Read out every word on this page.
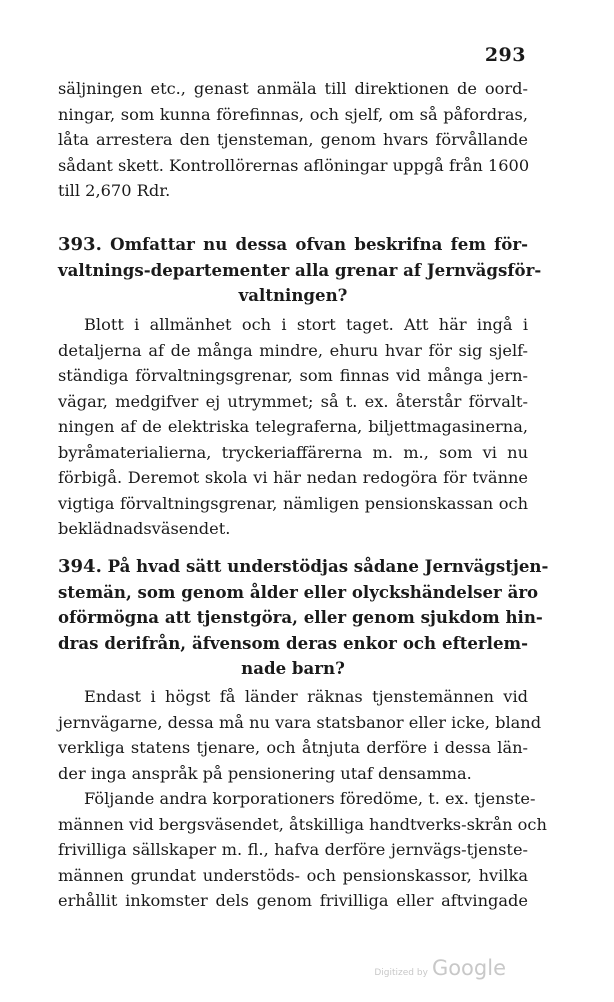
293
säljningen etc., genast anmäla till direktionen de oord-
ningar, som kunna förefinnas, och sjelf, om så påfordras,
låta arrestera den tjensteman, genom hvars förvållande
sådant skett. Kontrollörernas aflöningar uppgå från 1600
till 2,670 Rdr.
393. Omfattar nu dessa ofvan beskrifna fem för-
valtnings-departementer alla grenar af Jernvägsför-
valtningen?
Blott i allmänhet och i stort taget. Att här ingå i
detaljerna af de många mindre, ehuru hvar för sig sjelf-
ständiga förvaltningsgrenar, som finnas vid många jern-
vägar, medgifver ej utrymmet; så t. ex. återstår förvalt-
ningen af de elektriska telegraferna, biljettmagasinerna,
byråmaterialierna, tryckeriaffärerna m. m., som vi nu
förbigå. Deremot skola vi här nedan redogöra för tvänne
vigtiga förvaltningsgrenar, nämligen pensionskassan och
beklädnadsväsendet.
394. På hvad sätt understödjas sådane Jernvägstjen-
stemän, som genom ålder eller olyckshändelser äro
oförmögna att tjenstgöra, eller genom sjukdom hin-
dras derifrån, äfvensom deras enkor och efterlem-
nade barn?
Endast i högst få länder räknas tjenstemännen vid
jernvägarne, dessa må nu vara statsbanor eller icke, bland
verkliga statens tjenare, och åtnjuta derföre i dessa län-
der inga anspråk på pensionering utaf densamma.
Följande andra korporationers föredöme, t. ex. tjenste-
männen vid bergsväsendet, åtskilliga handtverks-skrån och
frivilliga sällskaper m. fl., hafva derföre jernvägs-tjenste-
männen grundat understöds- och pensionskassor, hvilka
erhållit inkomster dels genom frivilliga eller aftvingade
Digitized by Google
